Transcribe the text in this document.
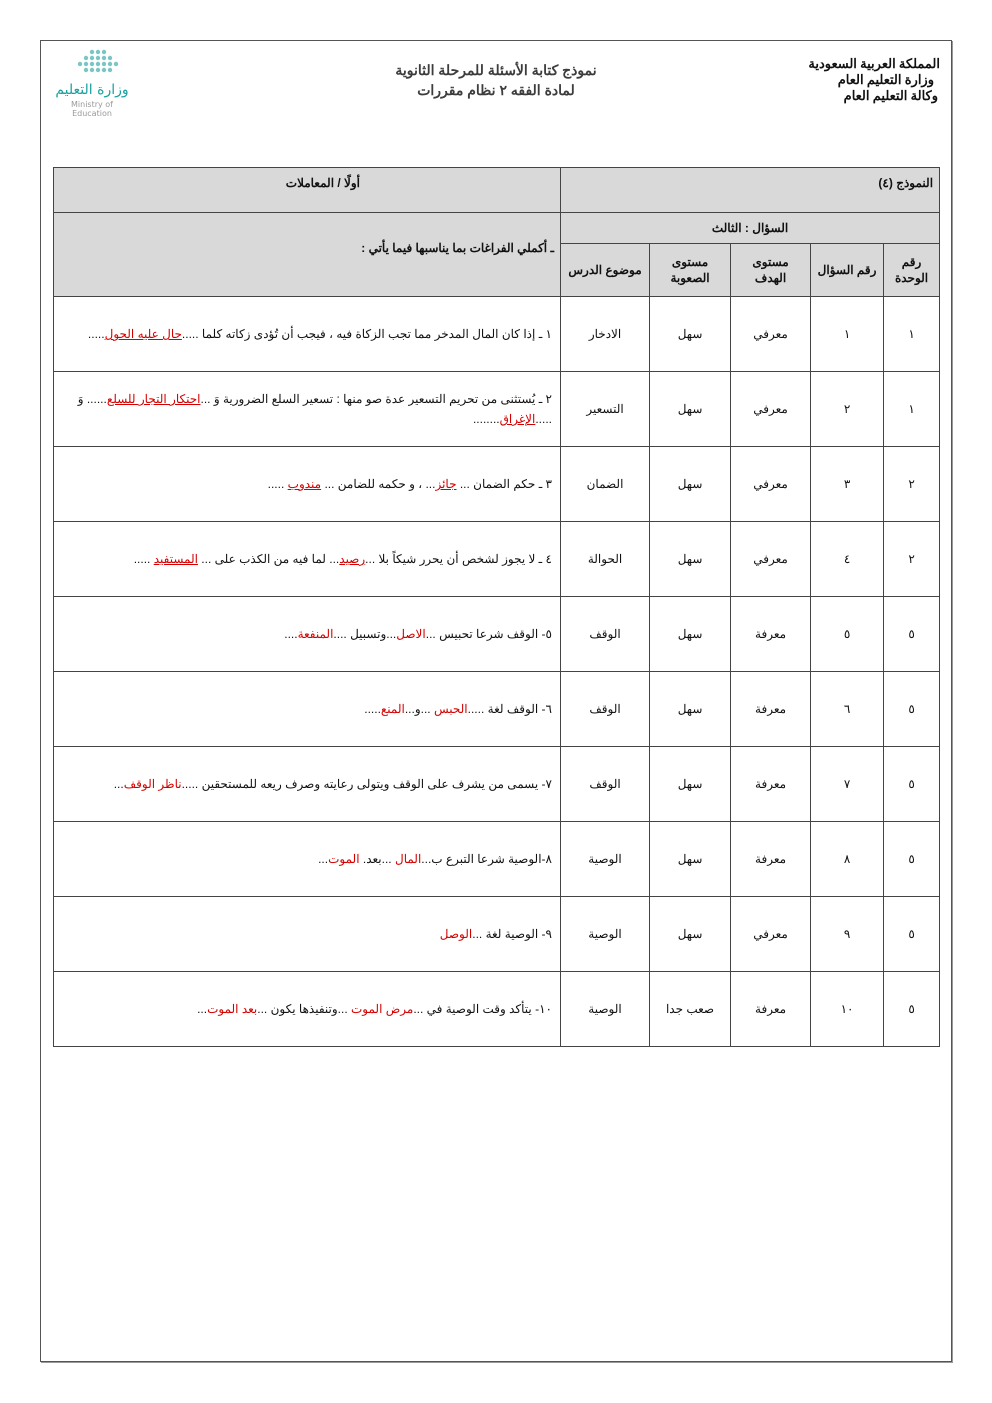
المملكة العربية السعودية
وزارة التعليم العام
وكالة التعليم العام
نموذج كتابة الأسئلة للمرحلة الثانوية
لمادة الفقه ٢ نظام مقررات
وزارة التعليم
Ministry of Education
النموذج (٤)					أولًا / المعاملات
السؤال : الثالث					ـ أكملي الفراغات بما يناسبها فيما يأتي :
رقم الوحدة	رقم السؤال	مستوى الهدف	مستوى الصعوبة	موضوع الدرس	
١	١	معرفي	سهل	الادخار	١ ـ إذا كان المال المدخر مما تجب الزكاة فيه ، فيجب أن تُؤدى زكاته كلما .....حال عليه الحول.....
١	٢	معرفي	سهل	التسعير	٢ ـ يُستثنى من تحريم التسعير عدة صو منها : تسعير السلع الضرورية وَ ...احتكار التجار للسلع...... وَ .....الإغراق........
٢	٣	معرفي	سهل	الضمان	٣ ـ حكم الضمان ... جائز... ، و حكمه للضامن ... مندوب .....
٢	٤	معرفي	سهل	الحوالة	٤ ـ لا يجوز لشخص أن يحرر شيكاً بلا ...رصيد... لما فيه من الكذب على ... المستفيد .....
٥	٥	معرفة	سهل	الوقف	٥- الوقف شرعا تحبيس ...الاصل...وتسبيل ....المنفعة....
٥	٦	معرفة	سهل	الوقف	٦- الوقف لغة .....الحبس ...و...المنع.....
٥	٧	معرفة	سهل	الوقف	٧- يسمى من يشرف على الوقف ويتولى رعايته وصرف ريعه للمستحقين .....ناظر الوقف...
٥	٨	معرفة	سهل	الوصية	٨-الوصية شرعا التبرع ب...المال ...بعد. الموت...
٥	٩	معرفي	سهل	الوصية	٩- الوصية لغة ...الوصل
٥	١٠	معرفة	صعب جدا	الوصية	١٠- يتأكد وقت الوصية في ...مرض الموت ...وتنفيذها يكون ...بعد الموت...
